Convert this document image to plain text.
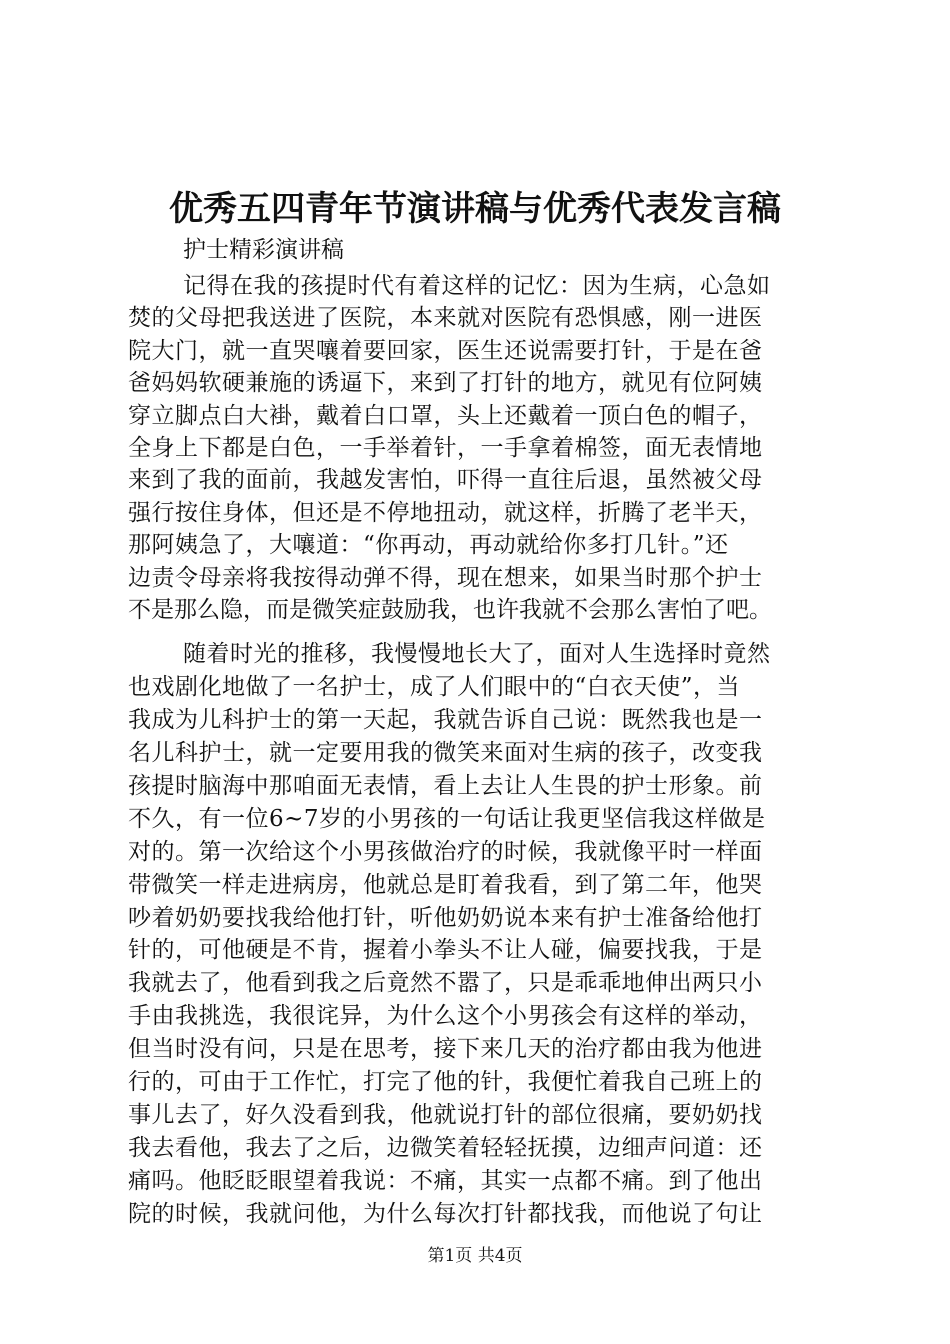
优秀五四青年节演讲稿与优秀代表发言稿
护士精彩演讲稿
记得在我的孩提时代有着这样的记忆：因为生病，心急如
焚的父母把我送进了医院，本来就对医院有恐惧感，刚一进医
院大门，就一直哭嚷着要回家，医生还说需要打针，于是在爸
爸妈妈软硬兼施的诱逼下，来到了打针的地方，就见有位阿姨
穿立脚点白大褂，戴着白口罩，头上还戴着一顶白色的帽子，
全身上下都是白色，一手举着针，一手拿着棉签，面无表情地
来到了我的面前，我越发害怕，吓得一直往后退，虽然被父母
强行按住身体，但还是不停地扭动，就这样，折腾了老半天，
那阿姨急了，大嚷道：“你再动，再动就给你多打几针。”还
边责令母亲将我按得动弹不得，现在想来，如果当时那个护士
不是那么隐，而是微笑症鼓励我，也许我就不会那么害怕了吧。
随着时光的推移，我慢慢地长大了，面对人生选择时竟然
也戏剧化地做了一名护士，成了人们眼中的“白衣天使”，当
我成为儿科护士的第一天起，我就告诉自己说：既然我也是一
名儿科护士，就一定要用我的微笑来面对生病的孩子，改变我
孩提时脑海中那咱面无表情，看上去让人生畏的护士形象。前
不久，有一位6~7岁的小男孩的一句话让我更坚信我这样做是
对的。第一次给这个小男孩做治疗的时候，我就像平时一样面
带微笑一样走进病房，他就总是盯着我看，到了第二年，他哭
吵着奶奶要找我给他打针，听他奶奶说本来有护士准备给他打
针的，可他硬是不肯，握着小拳头不让人碰，偏要找我，于是
我就去了，他看到我之后竟然不嚣了，只是乖乖地伸出两只小
手由我挑选，我很诧异，为什么这个小男孩会有这样的举动，
但当时没有问，只是在思考，接下来几天的治疗都由我为他进
行的，可由于工作忙，打完了他的针，我便忙着我自己班上的
事儿去了，好久没看到我，他就说打针的部位很痛，要奶奶找
第1页 共4页
我去看他，我去了之后，边微笑着轻轻抚摸，边细声问道：还
痛吗。他眨眨眼望着我说：不痛，其实一点都不痛。到了他出
院的时候，我就问他，为什么每次打针都找我，而他说了句让
